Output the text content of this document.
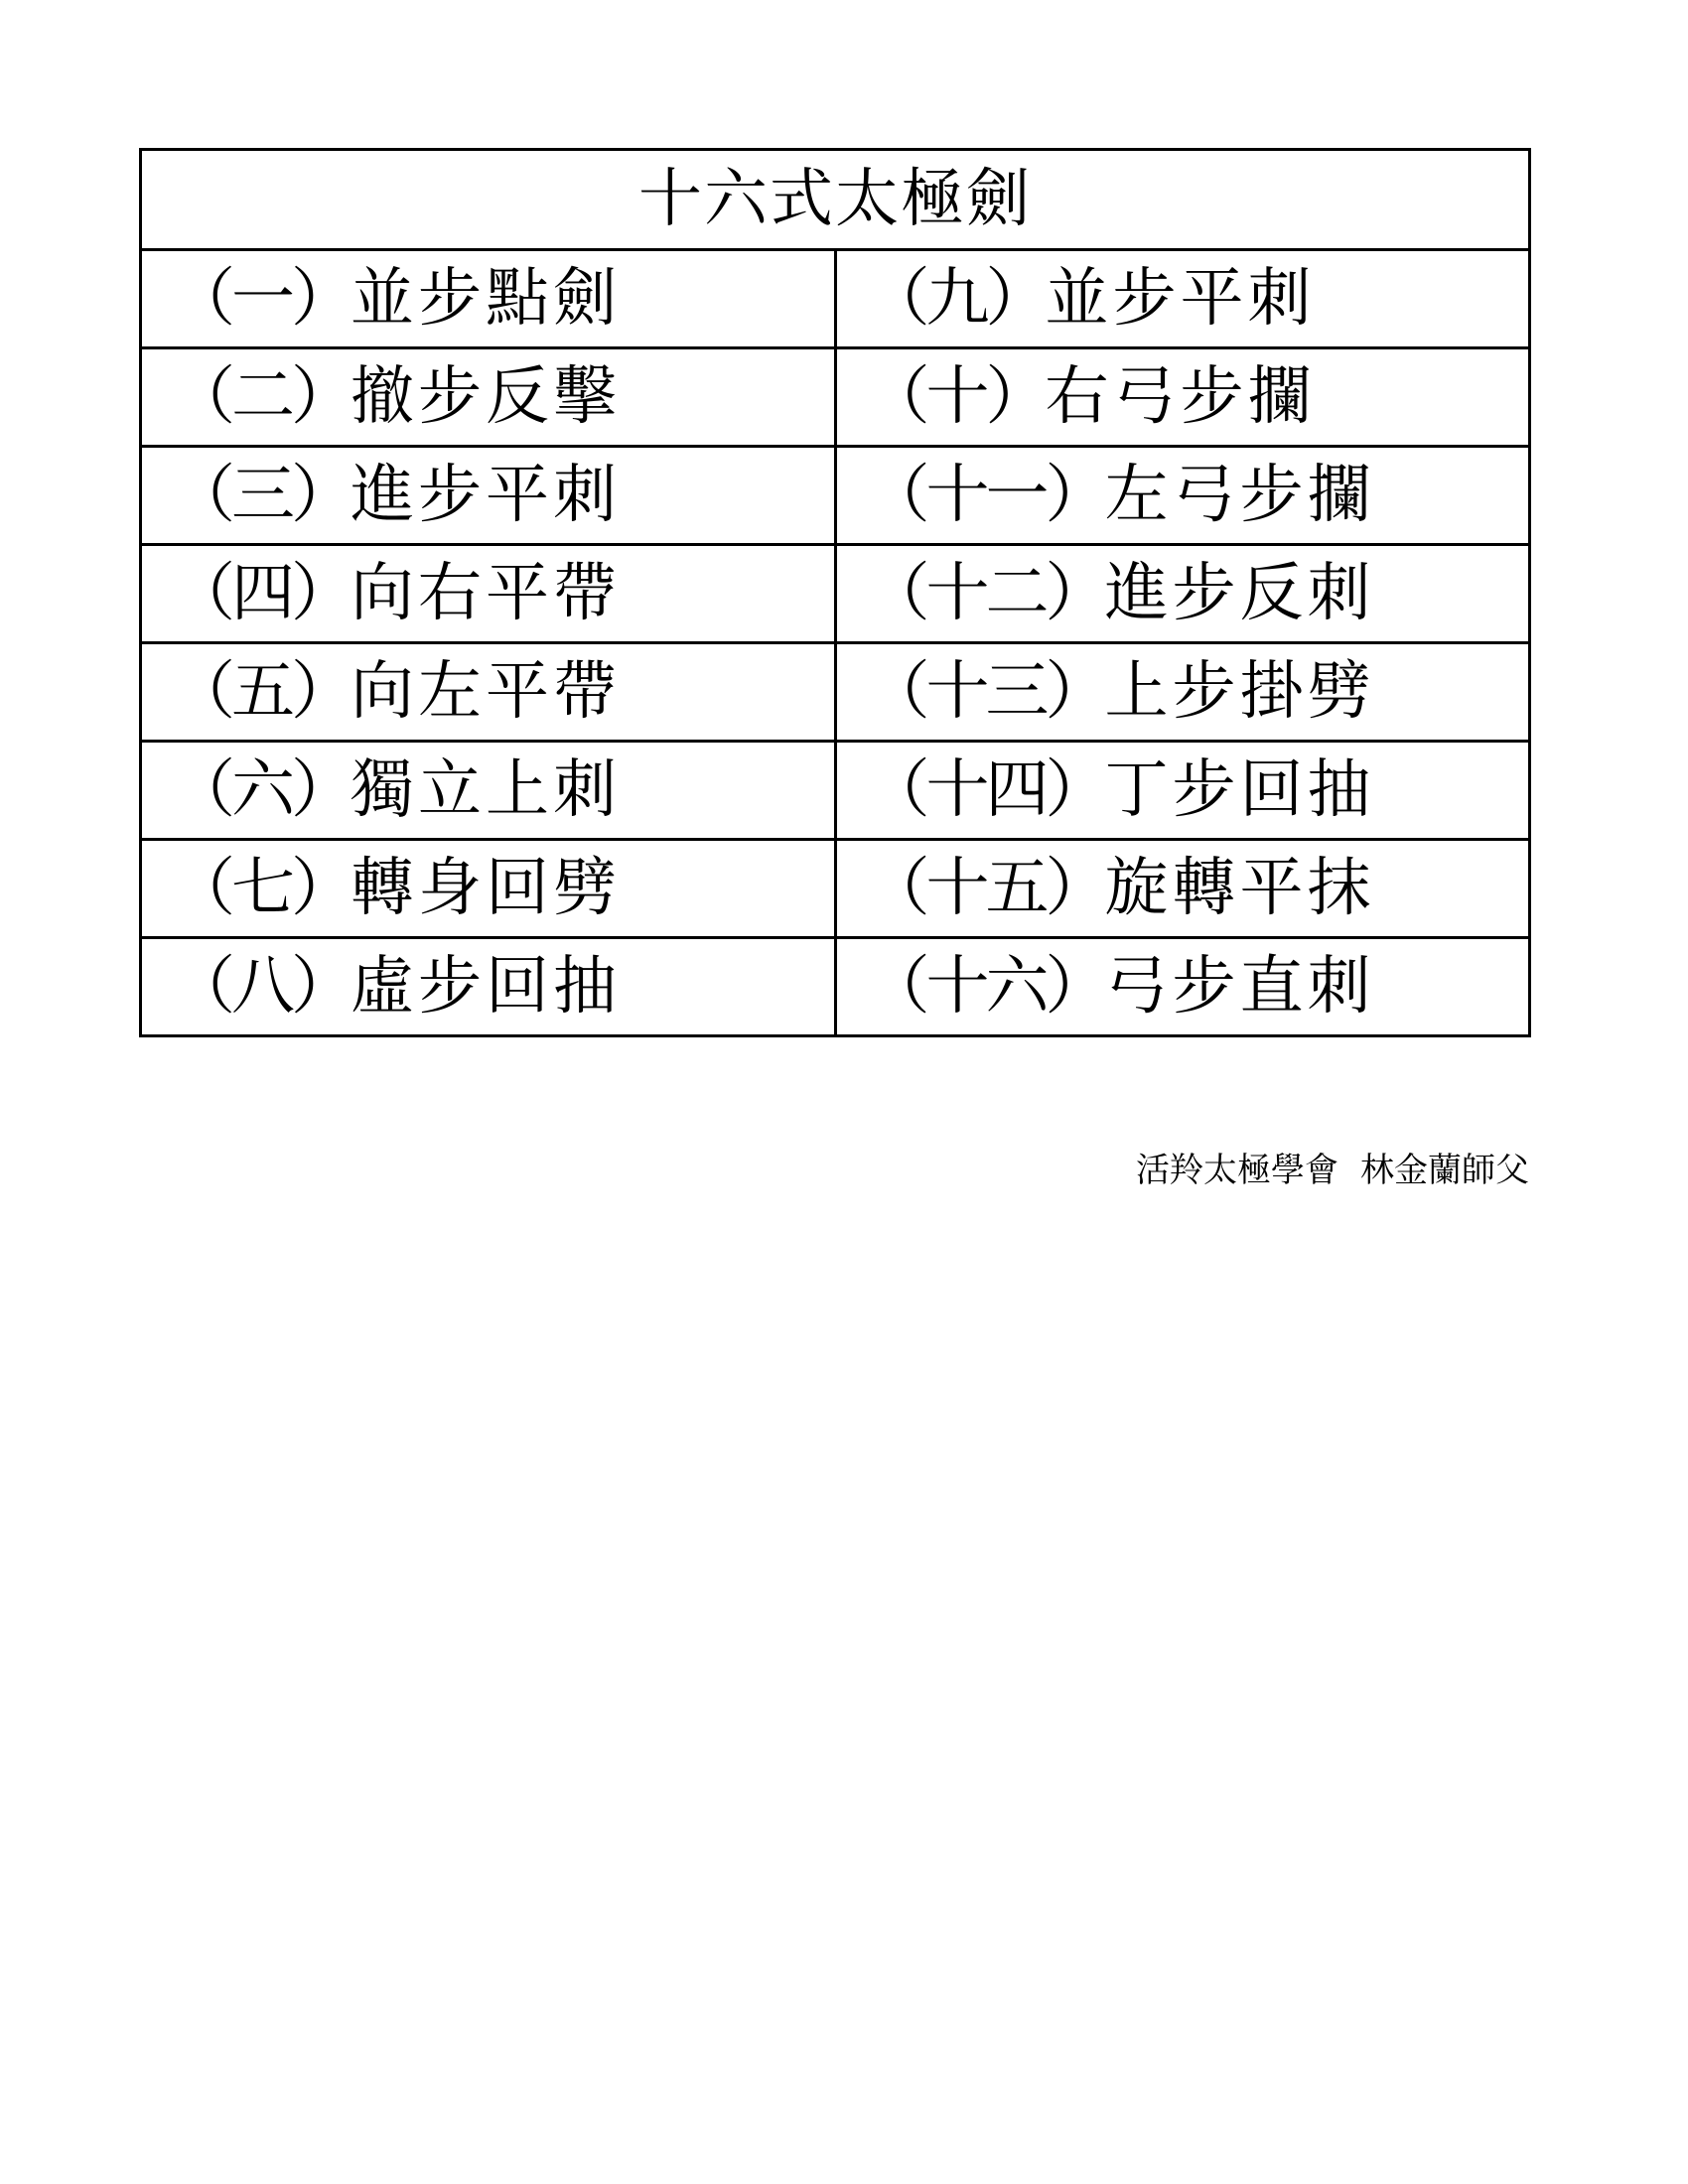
十六式太極劍	
（一）並步點劍	（九）並步平刺
（二）撤步反擊	（十）右弓步攔
（三）進步平刺	（十一）左弓步攔
（四）向右平帶	（十二）進步反刺
（五）向左平帶	（十三）上步掛劈
（六）獨立上刺	（十四）丁步回抽
（七）轉身回劈	（十五）旋轉平抹
（八）虛步回抽	（十六）弓步直刺
活羚太極學會 林金蘭師父
